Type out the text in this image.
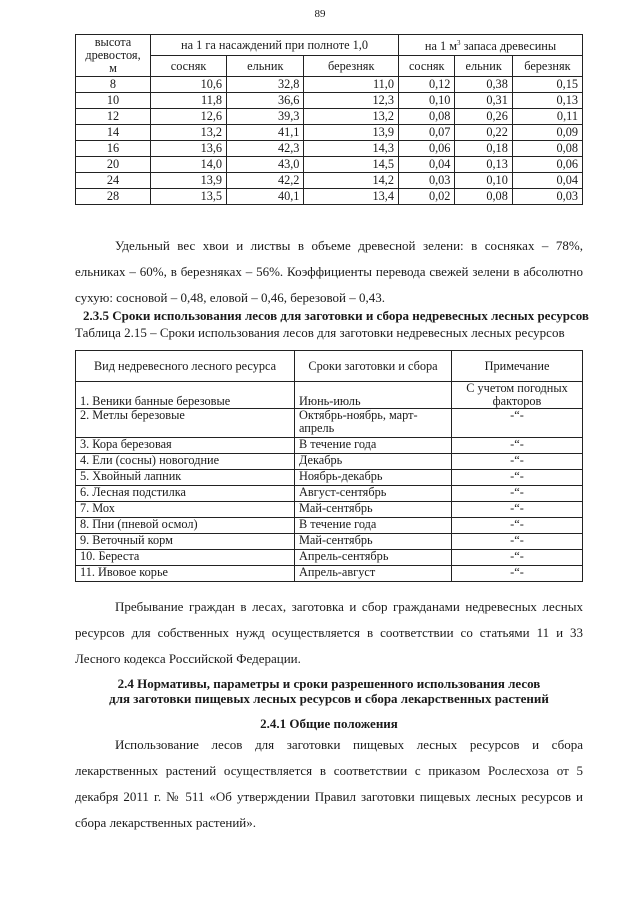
89
высота древостоя, м	на 1 га насаждений при полноте 1,0			на 1 $м^3$ запаса древесины		
	сосняк	ельник	березняк	сосняк	ельник	березняк
8	10,6	32,8	11,0	0,12	0,38	0,15
10	11,8	36,6	12,3	0,10	0,31	0,13
12	12,6	39,3	13,2	0,08	0,26	0,11
14	13,2	41,1	13,9	0,07	0,22	0,09
16	13,6	42,3	14,3	0,06	0,18	0,08
20	14,0	43,0	14,5	0,04	0,13	0,06
24	13,9	42,2	14,2	0,03	0,10	0,04
28	13,5	40,1	13,4	0,02	0,08	0,03
Удельный вес хвои и листвы в объеме древесной зелени: в сосняках – 78%, ельниках – 60%, в березняках – 56%. Коэффициенты перевода свежей зелени в абсолютно сухую: сосновой – 0,48, еловой – 0,46, березовой – 0,43.
2.3.5 Сроки использования лесов для заготовки и сбора недревесных лесных ресурсов
Таблица 2.15 – Сроки использования лесов для заготовки недревесных лесных ресурсов
Вид недревесного лесного ресурса	Сроки заготовки и сбора	Примечание
1. Веники банные березовые	Июнь-июль	С учетом погодных факторов
2. Метлы березовые	Октябрь-ноябрь, март-апрель	-“-
3. Кора березовая	В течение года	-“-
4. Ели (сосны) новогодние	Декабрь	-“-
5. Хвойный лапник	Ноябрь-декабрь	-“-
6. Лесная подстилка	Август-сентябрь	-“-
7. Мох	Май-сентябрь	-“-
8. Пни (пневой осмол)	В течение года	-“-
9. Веточный корм	Май-сентябрь	-“-
10. Береста	Апрель-сентябрь	-“-
11. Ивовое корье	Апрель-август	-“-
Пребывание граждан в лесах, заготовка и сбор гражданами недревесных лесных ресурсов для собственных нужд осуществляется в соответствии со статьями 11 и 33 Лесного кодекса Российской Федерации.
2.4 Нормативы, параметры и сроки разрешенного использования лесов
для заготовки пищевых лесных ресурсов и сбора лекарственных растений
2.4.1 Общие положения
Использование лесов для заготовки пищевых лесных ресурсов и сбора лекарственных растений осуществляется в соответствии с приказом Рослесхоза от 5 декабря 2011 г. № 511 «Об утверждении Правил заготовки пищевых лесных ресурсов и сбора лекарственных растений».
